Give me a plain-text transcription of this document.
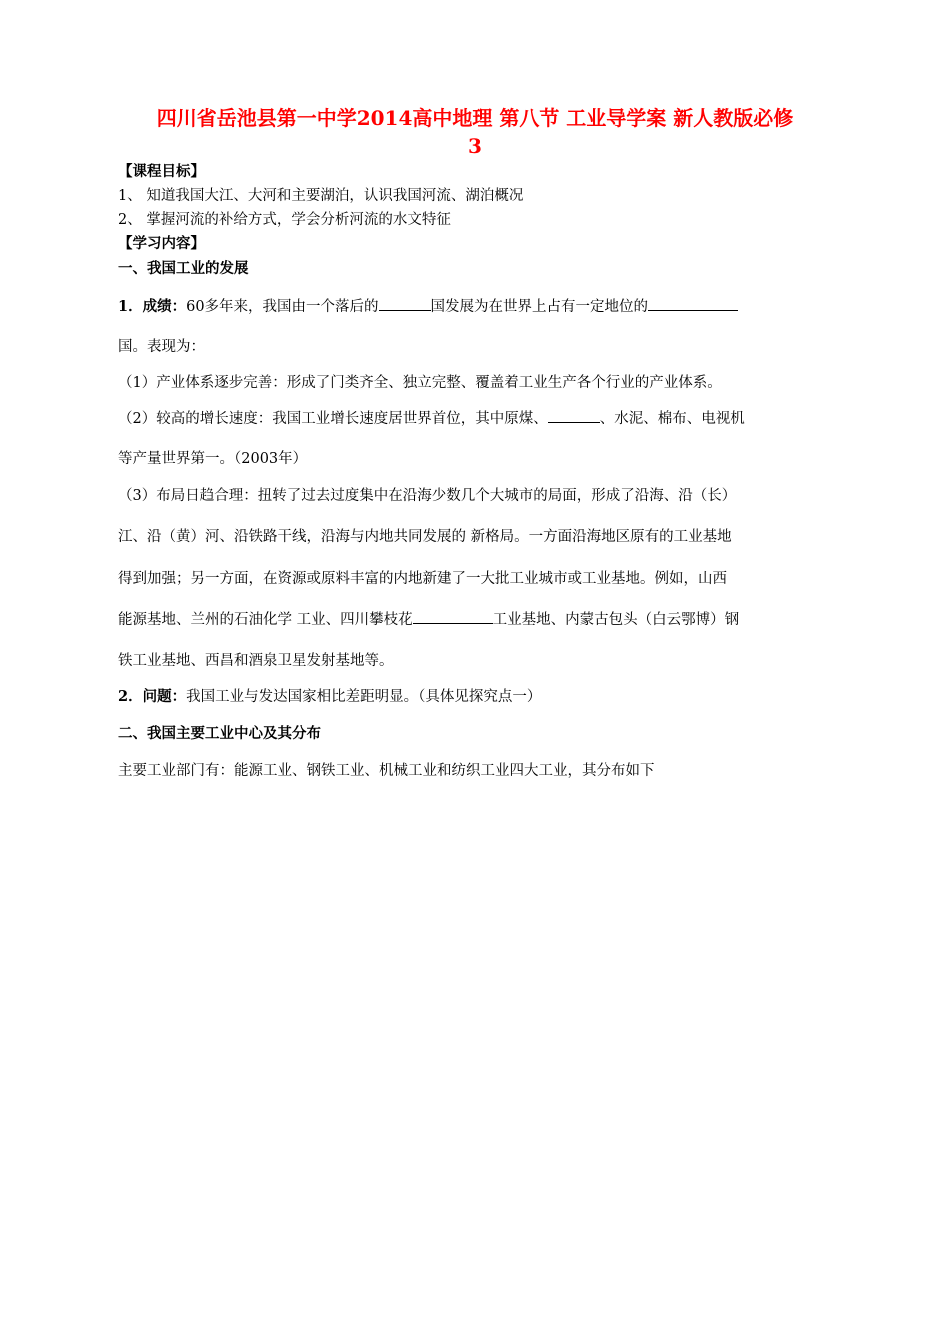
四川省岳池县第一中学2014高中地理 第八节 工业导学案 新人教版必修
3
【课程目标】
1、 知道我国大江、大河和主要湖泊，认识我国河流、湖泊概况
2、 掌握河流的补给方式，学会分析河流的水文特征
【学习内容】
一、我国工业的发展
1．成绩：60多年来，我国由一个落后的	国发展为在世界上占有一定地位的
国。表现为：
（1）产业体系逐步完善：形成了门类齐全、独立完整、覆盖着工业生产各个行业的产业体系。
（2）较高的增长速度：我国工业增长速度居世界首位，其中原煤、	、水泥、棉布、电视机
等产量世界第一。（2003年）
（3）布局日趋合理：扭转了过去过度集中在沿海少数几个大城市的局面，形成了沿海、沿（长）
江、沿（黄）河、沿铁路干线，沿海与内地共同发展的 新格局。一方面沿海地区原有的工业基地
得到加强；另一方面，在资源或原料丰富的内地新建了一大批工业城市或工业基地。例如，山西
能源基地、兰州的石油化学 工业、四川攀枝花	工业基地、内蒙古包头（白云鄂博）钢
铁工业基地、西昌和酒泉卫星发射基地等。
2．问题：我国工业与发达国家相比差距明显。（具体见探究点一）
二、我国主要工业中心及其分布
主要工业部门有：能源工业、钢铁工业、机械工业和纺织工业四大工业，其分布如下
